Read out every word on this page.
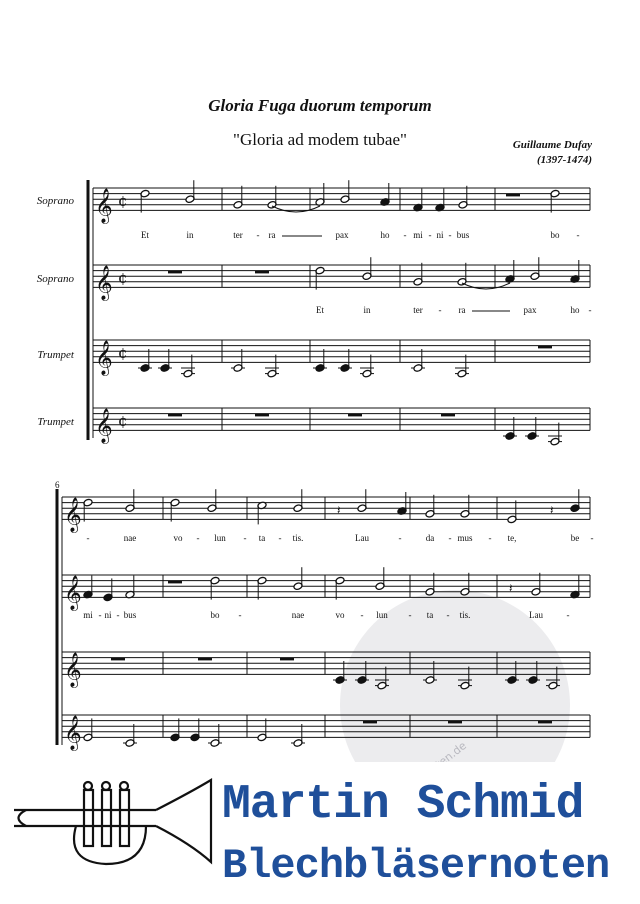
Gloria Fuga duorum temporum
"Gloria ad modem tubae"	Guillaume Dufay
(1397-1474)
Soprano
Soprano
Trumpet
Trumpet
6
𝄞 ¢
𝄞 ¢
𝄞 ¢
𝄞 ¢
Et	in	ter - ra	pax	ho - mi - ni - bus	bo -
Et	in	ter - ra	pax	ho -
𝄞
𝄞
𝄞
𝄞
𝄽	𝄽
𝄽
-	nae	vo - lun - ta - tis.	Lau	-	da - mus - te,	be -
mi - ni - bus	bo -	nae	vo - lun - ta - tis.	Lau	-
Martin Schmid
Blechbläsernoten
